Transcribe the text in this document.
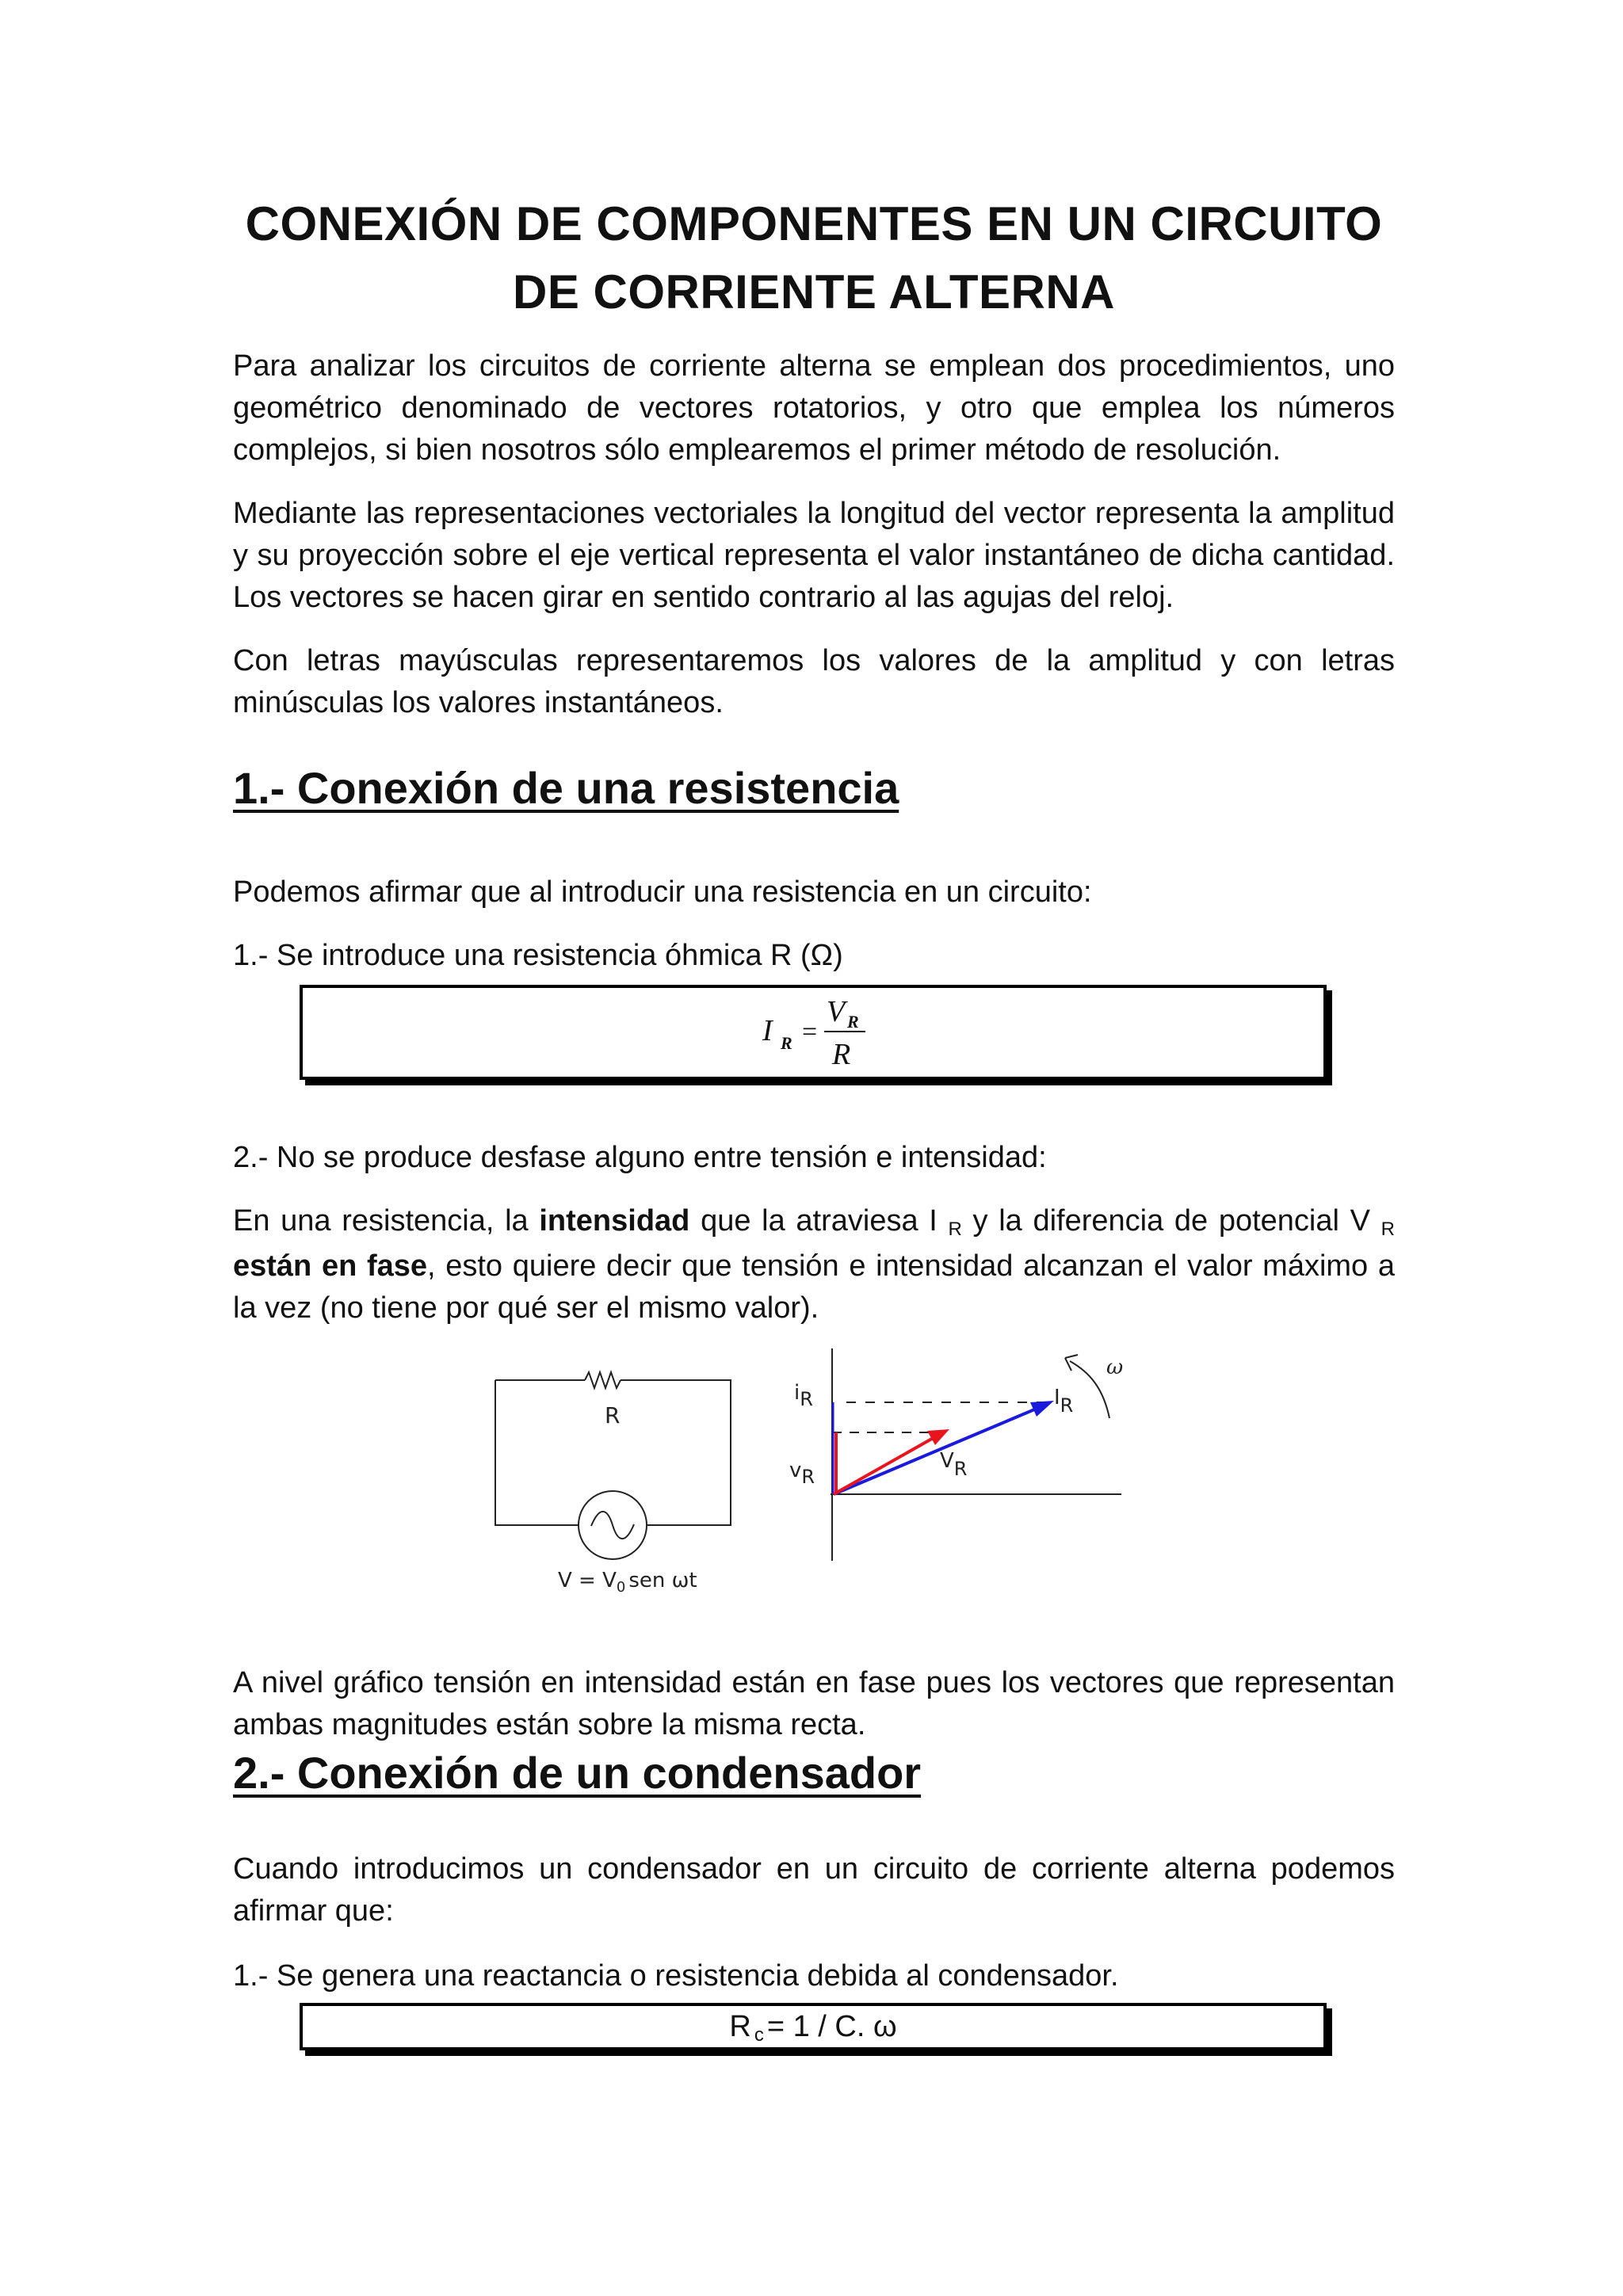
CONEXIÓN DE COMPONENTES EN UN CIRCUITO
DE CORRIENTE ALTERNA

Para analizar los circuitos de corriente alterna se emplean dos procedimientos, uno geométrico denominado de vectores rotatorios, y otro que emplea los números complejos, si bien nosotros sólo emplearemos el primer método de resolución.

Mediante las representaciones vectoriales la longitud del vector representa la amplitud y su proyección sobre el eje vertical representa el valor instantáneo de dicha cantidad. Los vectores se hacen girar en sentido contrario al las agujas del reloj.

Con letras mayúsculas representaremos los valores de la amplitud y con letras minúsculas los valores instantáneos.

1.- Conexión de una resistencia

Podemos afirmar que al introducir una resistencia en un circuito:

1.- Se introduce una resistencia óhmica R (Ω)

2.- No se produce desfase alguno entre tensión e intensidad:

En una resistencia, la intensidad que la atraviesa I R y la diferencia de potencial V R están en fase, esto quiere decir que tensión e intensidad alcanzan el valor máximo a la vez (no tiene por qué ser el mismo valor).

A nivel gráfico tensión en intensidad están en fase pues los vectores que representan ambas magnitudes están sobre la misma recta.

2.- Conexión de un condensador

Cuando introducimos un condensador en un circuito de corriente alterna podemos afirmar que:

1.- Se genera una reactancia o resistencia debida al condensador.

I R =
V R
R
R
$V = V_0$ sen ωt
ω
iR
vR
IR
VR
Rc = 1 / C. ω
